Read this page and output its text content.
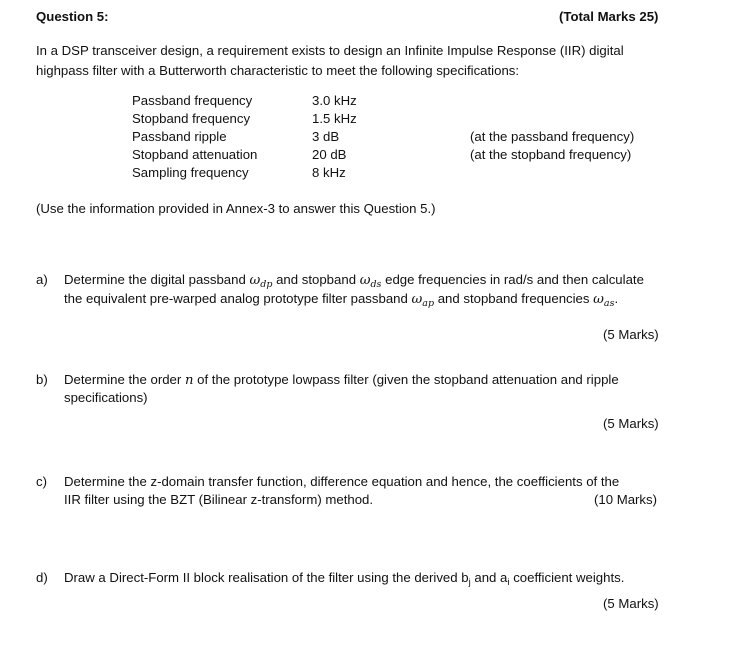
Question 5:	(Total Marks 25)
In a DSP transceiver design, a requirement exists to design an Infinite Impulse Response (IIR) digital
highpass filter with a Butterworth characteristic to meet the following specifications:
Passband frequency	3.0 kHz
Stopband frequency	1.5 kHz
Passband ripple	3 dB	(at the passband frequency)
Stopband attenuation	20 dB	(at the stopband frequency)
Sampling frequency	8 kHz
(Use the information provided in Annex-3 to answer this Question 5.)
a) Determine the digital passband $\omega_{dp}$ and stopband $\omega_{ds}$ edge frequencies in rad/s and then calculate
the equivalent pre-warped analog prototype filter passband $\omega_{ap}$ and stopband frequencies $\omega_{as}$.
(5 Marks)
b) Determine the order n of the prototype lowpass filter (given the stopband attenuation and ripple
specifications)
(5 Marks)
c) Determine the z-domain transfer function, difference equation and hence, the coefficients of the
IIR filter using the BZT (Bilinear z-transform) method.	(10 Marks)
d) Draw a Direct-Form II block realisation of the filter using the derived $b_j$ and $a_i$ coefficient weights.
(5 Marks)
